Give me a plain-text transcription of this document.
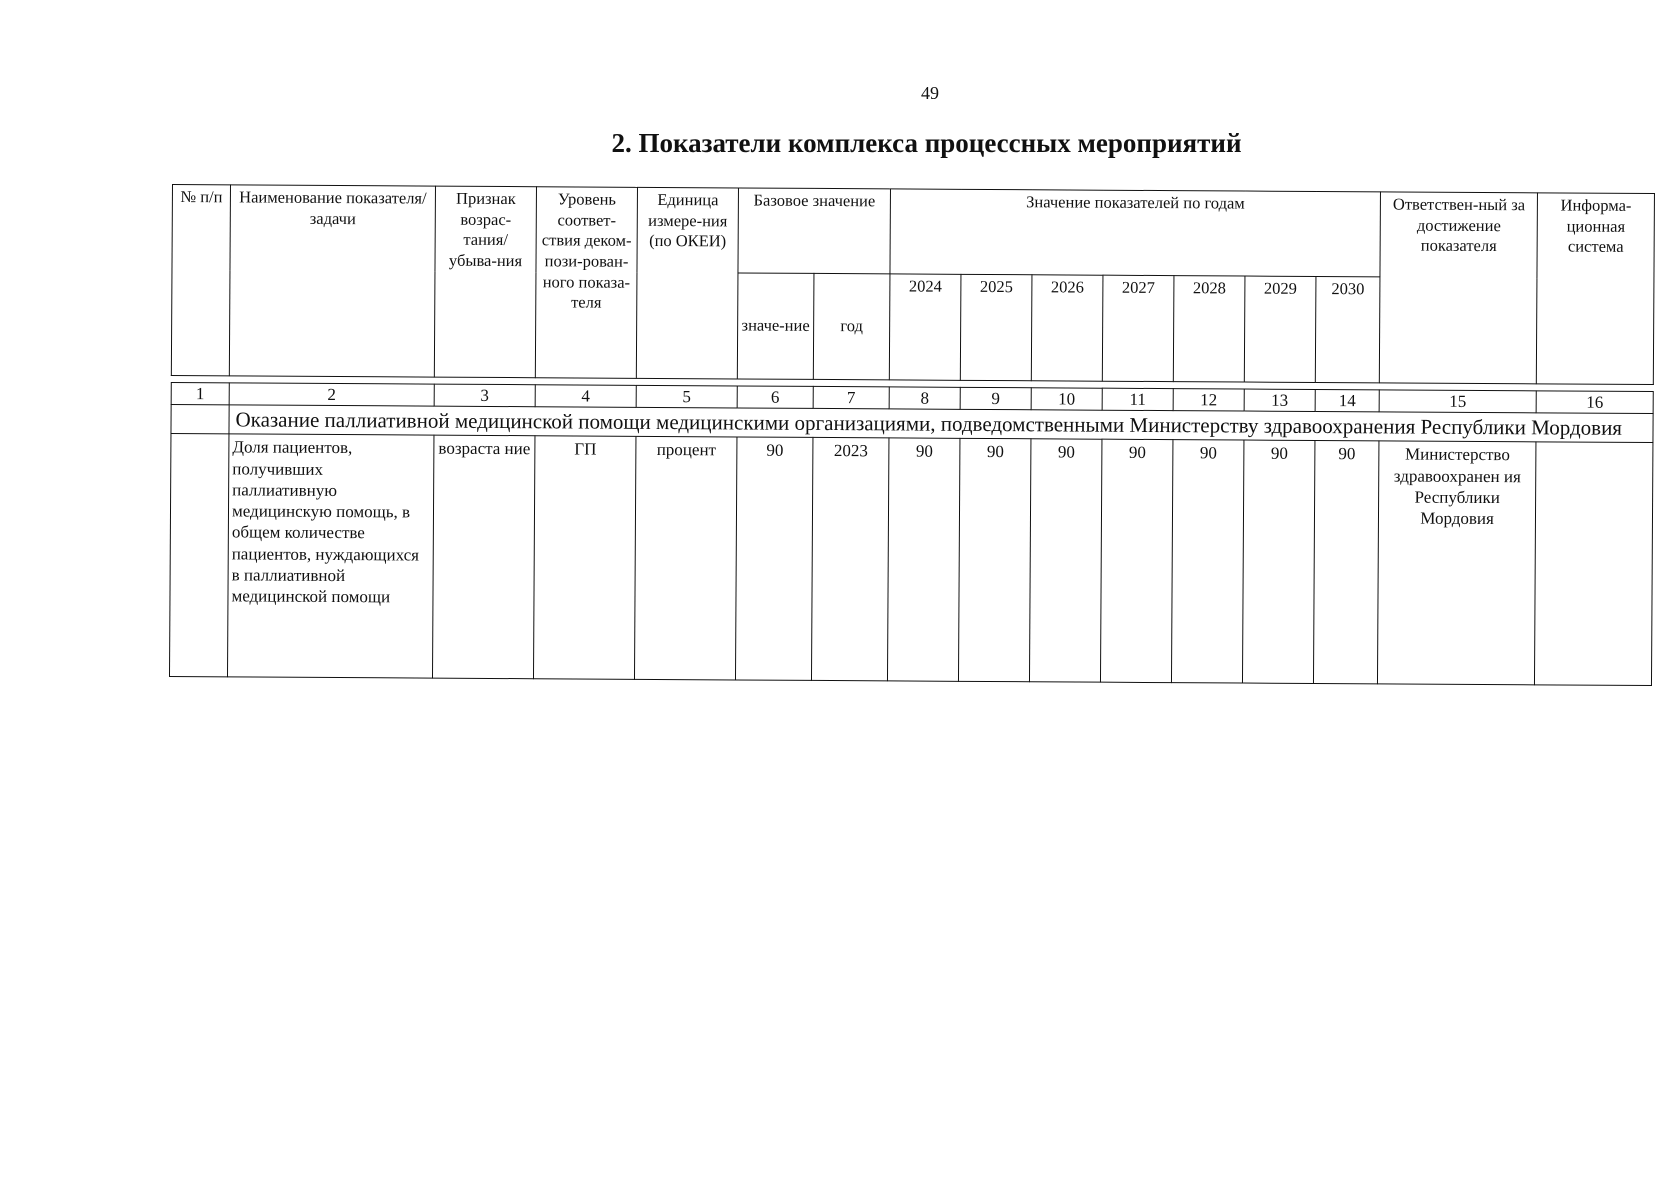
49
2. Показатели комплекса процессных мероприятий
№ п/п	Наименование показателя/задачи	Признак возрас-тания/ убыва-ния	Уровень соответ-ствия деком-пози-рован-ного показа-теля	Единица измере-ния (по ОКЕИ)	Базовое значение		Значение показателей по годам							Ответствен-ный за достижение показателя	Информа-ционная система
					значе-ние	год	2024	2025	2026	2027	2028	2029	2030		

1	2	3	4	5	6	7	8	9	10	11	12	13	14	15	16
	Оказание паллиативной медицинской помощи медицинскими организациями, подведомственными Министерству здравоохранения Республики Мордовия														
	Доля пациентов, получивших паллиативную медицинскую помощь, в общем количестве пациентов, нуждающихся в паллиативной медицинской помощи	возраста ние	ГП	процент	90	2023	90	90	90	90	90	90	90	Министерство здравоохранен ия Республики Мордовия	
